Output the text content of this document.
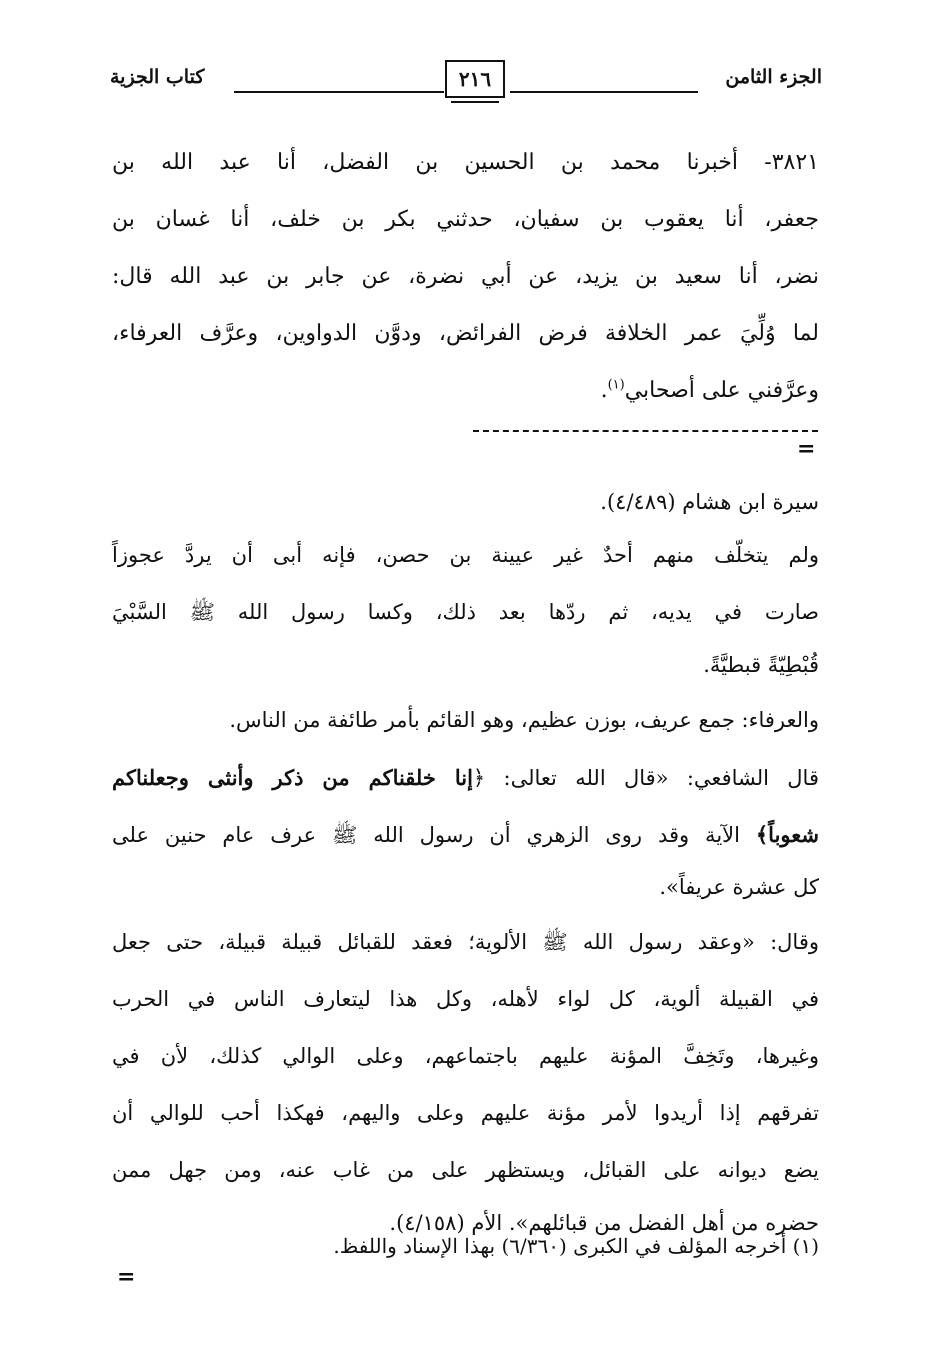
الجزء الثامن
٢١٦
كتاب الجزية
٣٨٢١- أخبرنا محمد بن الحسين بن الفضل، أنا عبد الله بن
جعفر، أنا يعقوب بن سفيان، حدثني بكر بن خلف، أنا غسان بن
نضر، أنا سعيد بن يزيد، عن أبي نضرة، عن جابر بن عبد الله قال:
لما وُلِّيَ عمر الخلافة فرض الفرائض، ودوَّن الدواوين، وعرَّف العرفاء،
وعرَّفني على أصحابي$^{(١)}$.
=
سيرة ابن هشام (٤/٤٨٩).
ولم يتخلّف منهم أحدٌ غير عيينة بن حصن، فإنه أبى أن يردَّ عجوزاً
صارت في يديه، ثم ردّها بعد ذلك، وكسا رسول الله ﷺ السَّبْيَ
قُبْطِيّةً قبطيَّةً.
والعرفاء: جمع عريف، بوزن عظيم، وهو القائم بأمر طائفة من الناس.
قال الشافعي: «قال الله تعالى: ﴿إنا خلقناكم من ذكر وأنثى وجعلناكم
شعوباً﴾ الآية وقد روى الزهري أن رسول الله ﷺ عرف عام حنين على
كل عشرة عريفاً».
وقال: «وعقد رسول الله ﷺ الألوية؛ فعقد للقبائل قبيلة قبيلة، حتى جعل
في القبيلة ألوية، كل لواء لأهله، وكل هذا ليتعارف الناس في الحرب
وغيرها، وتَخِفَّ المؤنة عليهم باجتماعهم، وعلى الوالي كذلك، لأن في
تفرقهم إذا أريدوا لأمر مؤنة عليهم وعلى واليهم، فهكذا أحب للوالي أن
يضع ديوانه على القبائل، ويستظهر على من غاب عنه، ومن جهل ممن
حضره من أهل الفضل من قبائلهم». الأم (٤/١٥٨).
(١) أخرجه المؤلف في الكبرى (٦/٣٦٠) بهذا الإسناد واللفظ.
=
